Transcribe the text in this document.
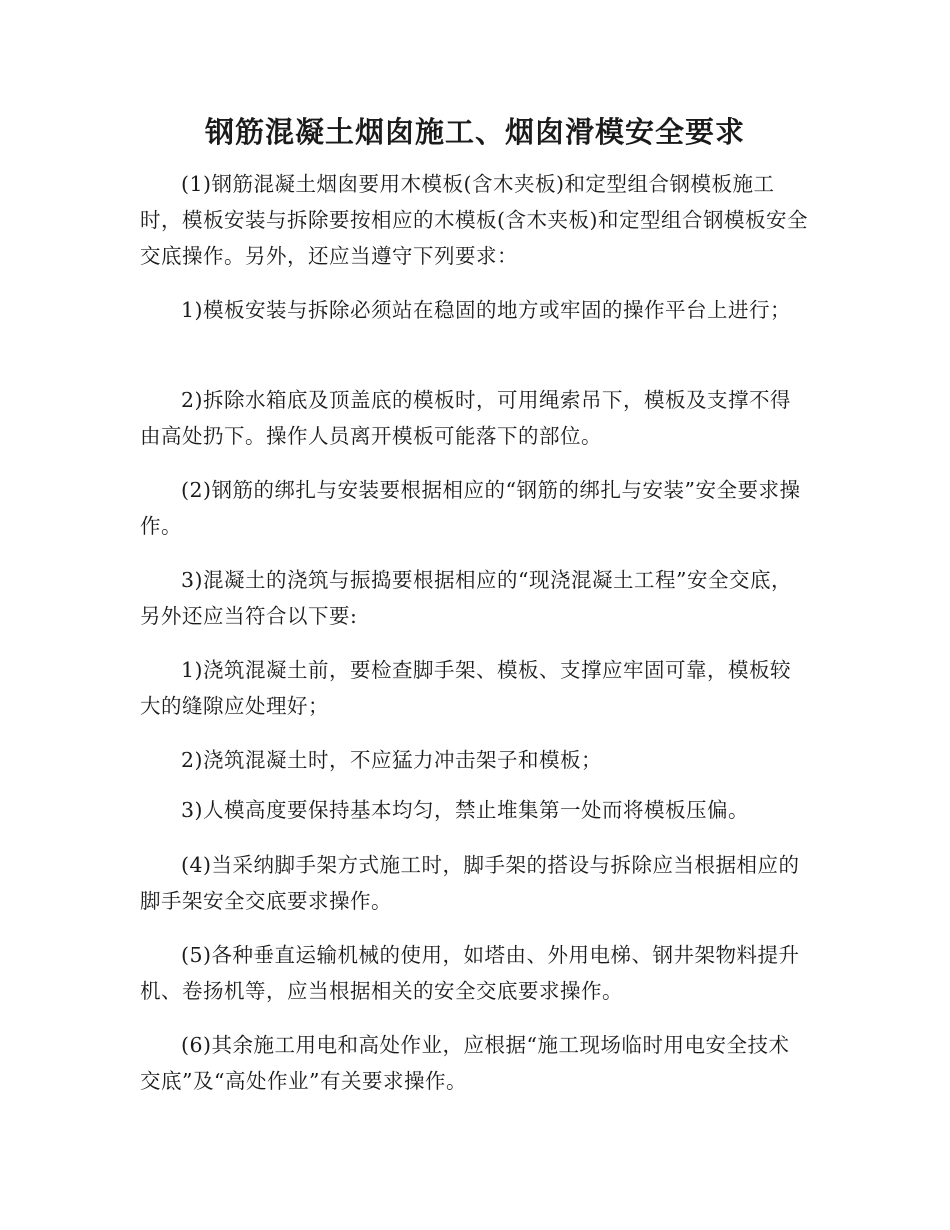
钢筋混凝土烟囱施工、烟囱滑模安全要求
(1)钢筋混凝土烟囱要用木模板(含木夹板)和定型组合钢模板施工时，模板安装与拆除要按相应的木模板(含木夹板)和定型组合钢模板安全交底操作。另外，还应当遵守下列要求：
1)模板安装与拆除必须站在稳固的地方或牢固的操作平台上进行；
2)拆除水箱底及顶盖底的模板时，可用绳索吊下，模板及支撑不得由高处扔下。操作人员离开模板可能落下的部位。
(2)钢筋的绑扎与安装要根据相应的“钢筋的绑扎与安装”安全要求操作。
3)混凝土的浇筑与振捣要根据相应的“现浇混凝土工程”安全交底，另外还应当符合以下要:
1)浇筑混凝土前，要检查脚手架、模板、支撑应牢固可靠，模板较大的缝隙应处理好；
2)浇筑混凝土时，不应猛力冲击架子和模板；
3)人模高度要保持基本均匀，禁止堆集第一处而将模板压偏。
(4)当采纳脚手架方式施工时，脚手架的搭设与拆除应当根据相应的脚手架安全交底要求操作。
(5)各种垂直运输机械的使用，如塔由、外用电梯、钢井架物料提升机、卷扬机等，应当根据相关的安全交底要求操作。
(6)其余施工用电和高处作业，应根据“施工现场临时用电安全技术交底”及“高处作业”有关要求操作。
